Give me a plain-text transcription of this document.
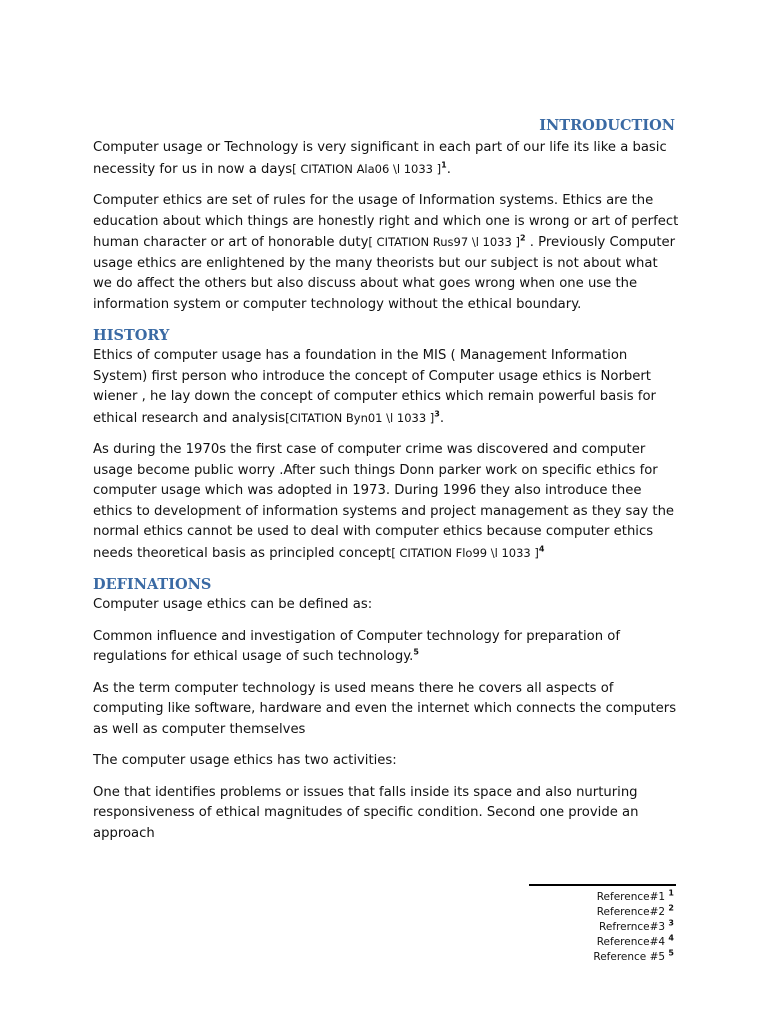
INTRODUCTION

Computer usage or Technology is very significant in each part of our life its like a basic necessity for us in now a days[ CITATION Ala06 \l 1033 ]$^1$.

Computer ethics are set of rules for the usage of Information systems. Ethics are the education about which things are honestly right and which one is wrong or art of perfect human character or art of honorable duty[ CITATION Rus97 \l 1033 ]$^2$ . Previously Computer usage ethics are enlightened by the many theorists but our subject is not about what we do affect the others but also discuss about what goes wrong when one use the information system or computer technology without the ethical boundary.

HISTORY

Ethics of computer usage has a foundation in the MIS ( Management Information System) first person who introduce the concept of Computer usage ethics is Norbert wiener , he lay down the concept of computer ethics which remain powerful basis for ethical research and analysis[CITATION Byn01 \l 1033 ]$^3$.

As during the 1970s the first case of computer crime was discovered and computer usage become public worry .After such things Donn parker work on specific ethics for computer usage which was adopted in 1973. During 1996 they also introduce thee ethics to development of information systems and project management as they say the normal ethics cannot be used to deal with computer ethics because computer ethics needs theoretical basis as principled concept[ CITATION Flo99 \l 1033 ]$^4$

DEFINATIONS

Computer usage ethics can be defined as:

Common influence and investigation of Computer technology for preparation of regulations for ethical usage of such technology.$^5$

As the term computer technology is used means there he covers all aspects of computing like software, hardware and even the internet which connects the computers as well as computer themselves

The computer usage ethics has two activities:

One that identifies problems or issues that falls inside its space and also nurturing responsiveness of ethical magnitudes of specific condition. Second one provide an approach

Reference#1 $^1$
Reference#2 $^2$
Refrernce#3 $^3$
Reference#4 $^4$
Reference #5 $^5$
